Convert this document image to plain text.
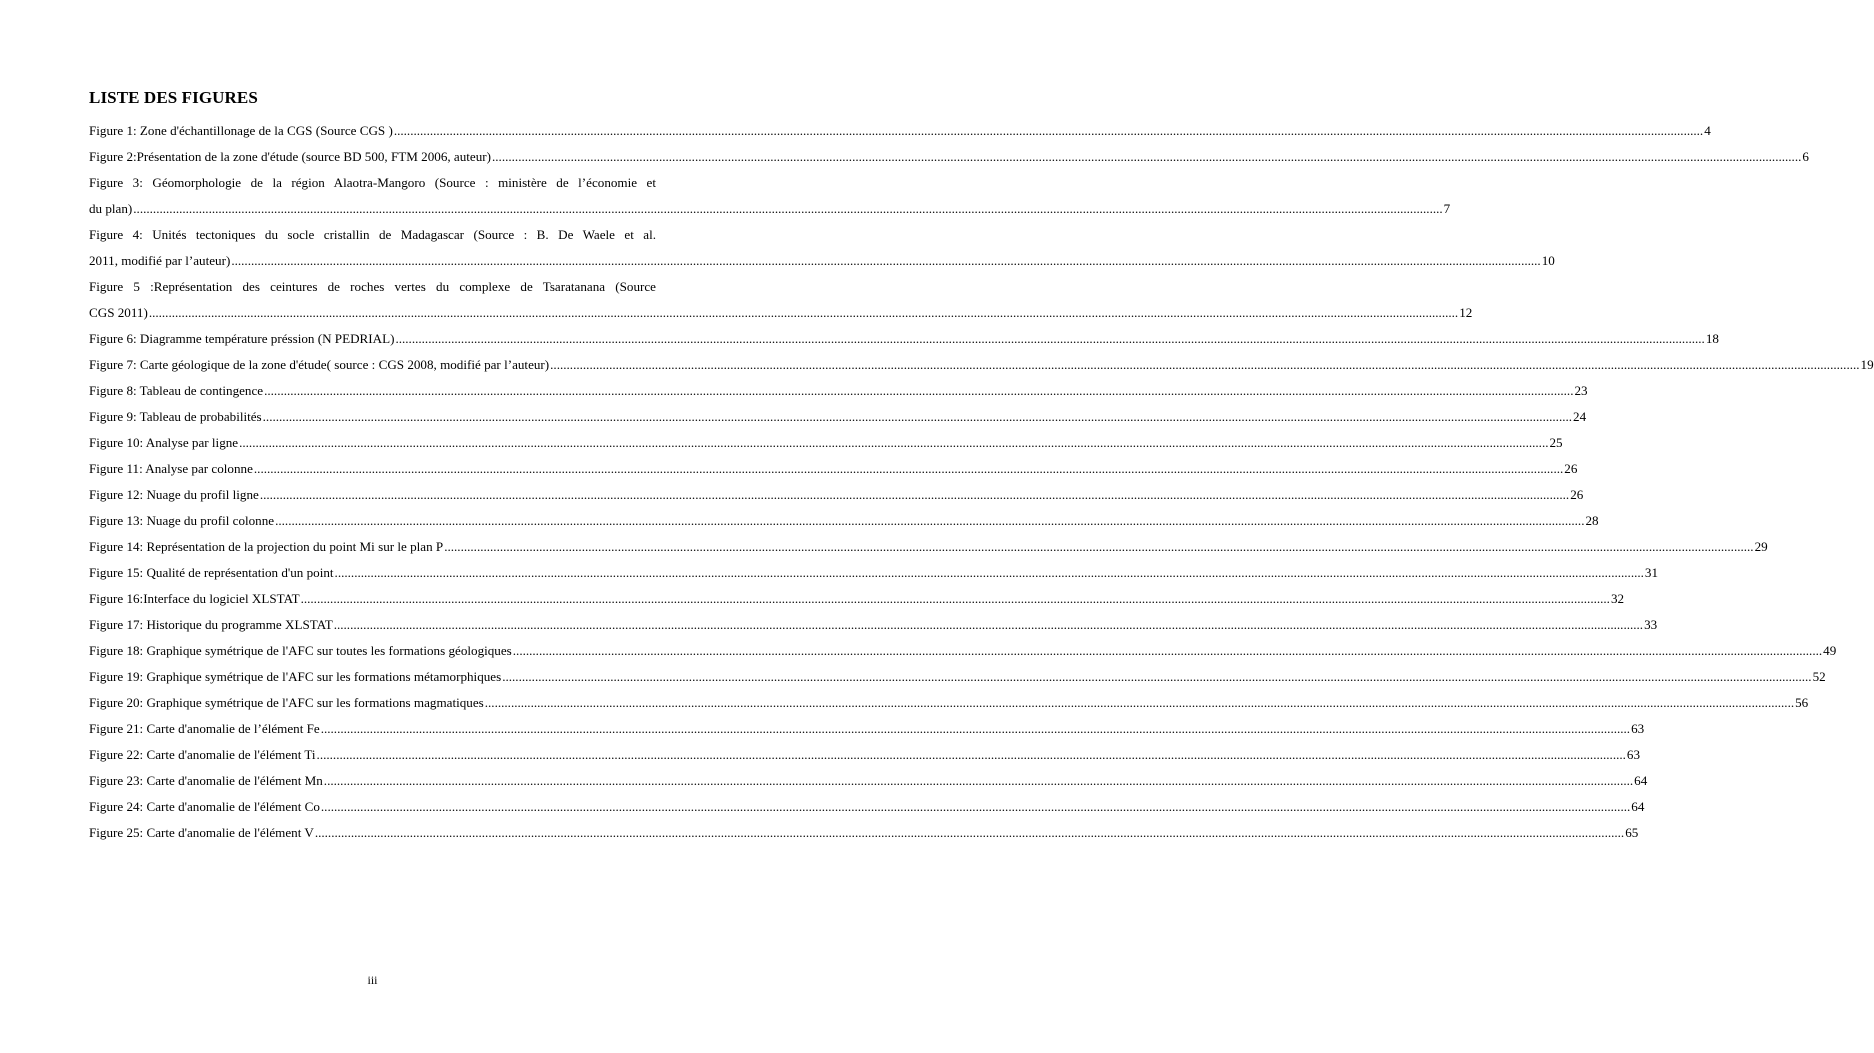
LISTE DES FIGURES
Figure 1: Zone d'échantillonage de la CGS (Source CGS ) ................................................................................................................................................................................................................................................................................................................................................................................................................ 4
Figure 2:Présentation de la zone d'étude (source BD 500, FTM 2006, auteur) ................................................................................................................................................................................................................................................................................................................................................................................................................ 6
Figure 3: Géomorphologie de la région Alaotra-Mangoro (Source : ministère de l’économie et
du plan) ................................................................................................................................................................................................................................................................................................................................................................................................................ 7
Figure 4: Unités tectoniques du socle cristallin de Madagascar (Source : B. De Waele et al.
2011, modifié par l’auteur) ................................................................................................................................................................................................................................................................................................................................................................................................................ 10
Figure 5 :Représentation des ceintures de roches vertes du complexe de Tsaratanana (Source
CGS 2011) ................................................................................................................................................................................................................................................................................................................................................................................................................ 12
Figure 6: Diagramme température préssion (N PEDRIAL) ................................................................................................................................................................................................................................................................................................................................................................................................................ 18
Figure 7: Carte géologique de la zone d'étude( source : CGS 2008, modifié par l’auteur) ................................................................................................................................................................................................................................................................................................................................................................................................................ 19
Figure 8: Tableau de contingence ................................................................................................................................................................................................................................................................................................................................................................................................................ 23
Figure 9: Tableau de probabilités ................................................................................................................................................................................................................................................................................................................................................................................................................ 24
Figure 10: Analyse par ligne ................................................................................................................................................................................................................................................................................................................................................................................................................ 25
Figure 11: Analyse par colonne ................................................................................................................................................................................................................................................................................................................................................................................................................ 26
Figure 12: Nuage du profil ligne ................................................................................................................................................................................................................................................................................................................................................................................................................ 26
Figure 13: Nuage du profil colonne ................................................................................................................................................................................................................................................................................................................................................................................................................ 28
Figure 14: Représentation de la projection du point Mi sur le plan P ................................................................................................................................................................................................................................................................................................................................................................................................................ 29
Figure 15: Qualité de représentation d'un point ................................................................................................................................................................................................................................................................................................................................................................................................................ 31
Figure 16:Interface du logiciel XLSTAT ................................................................................................................................................................................................................................................................................................................................................................................................................ 32
Figure 17: Historique du programme XLSTAT ................................................................................................................................................................................................................................................................................................................................................................................................................ 33
Figure 18: Graphique symétrique de l'AFC sur toutes les formations géologiques ................................................................................................................................................................................................................................................................................................................................................................................................................ 49
Figure 19: Graphique symétrique de l'AFC sur les formations métamorphiques ................................................................................................................................................................................................................................................................................................................................................................................................................ 52
Figure 20: Graphique symétrique de l'AFC sur les formations magmatiques ................................................................................................................................................................................................................................................................................................................................................................................................................ 56
Figure 21: Carte d'anomalie de l’élément Fe ................................................................................................................................................................................................................................................................................................................................................................................................................ 63
Figure 22: Carte d'anomalie de l'élément Ti ................................................................................................................................................................................................................................................................................................................................................................................................................ 63
Figure 23: Carte d'anomalie de l'élément Mn ................................................................................................................................................................................................................................................................................................................................................................................................................ 64
Figure 24: Carte d'anomalie de l'élément Co ................................................................................................................................................................................................................................................................................................................................................................................................................ 64
Figure 25: Carte d'anomalie de l'élément V ................................................................................................................................................................................................................................................................................................................................................................................................................ 65
iii
